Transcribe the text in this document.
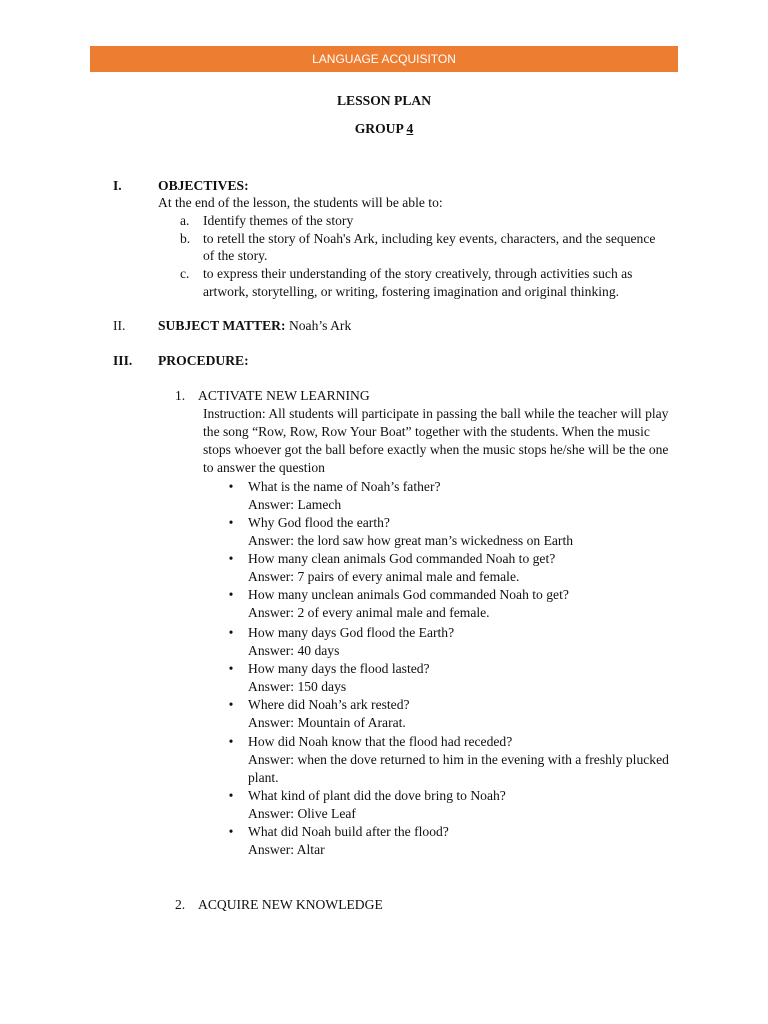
LANGUAGE ACQUISITON
LESSON PLAN
GROUP 4
I.	OBJECTIVES:
At the end of the lesson, the students will be able to:
a. Identify themes of the story
b. to retell the story of Noah's Ark, including key events, characters, and the sequence
of the story.
c. to express their understanding of the story creatively, through activities such as
artwork, storytelling, or writing, fostering imagination and original thinking.
II. SUBJECT MATTER: Noah’s Ark
III. PROCEDURE:
1. ACTIVATE NEW LEARNING
Instruction: All students will participate in passing the ball while the teacher will play
the song “Row, Row, Row Your Boat” together with the students. When the music
stops whoever got the ball before exactly when the music stops he/she will be the one
to answer the question
•
What is the name of Noah’s father?
Answer: Lamech
•
Why God flood the earth?
Answer: the lord saw how great man’s wickedness on Earth
•
How many clean animals God commanded Noah to get?
Answer: 7 pairs of every animal male and female.
•
How many unclean animals God commanded Noah to get?
Answer: 2 of every animal male and female.
•
How many days God flood the Earth?
Answer: 40 days
•
How many days the flood lasted?
Answer: 150 days
•
Where did Noah’s ark rested?
Answer: Mountain of Ararat.
•
How did Noah know that the flood had receded?
Answer: when the dove returned to him in the evening with a freshly plucked
plant.
•
What kind of plant did the dove bring to Noah?
Answer: Olive Leaf
•
What did Noah build after the flood?
Answer: Altar
2. ACQUIRE NEW KNOWLEDGE
